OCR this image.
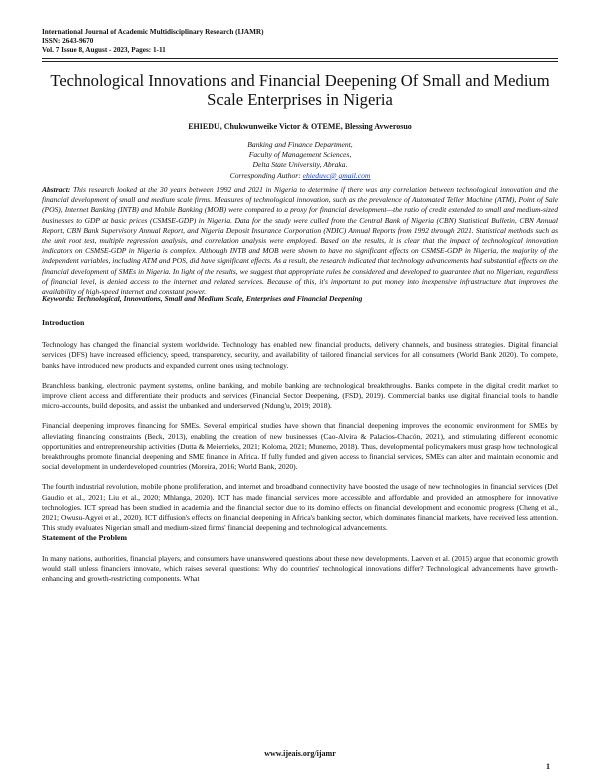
International Journal of Academic Multidisciplinary Research (IJAMR)
ISSN: 2643-9670
Vol. 7 Issue 8, August - 2023, Pages: 1-11
Technological Innovations and Financial Deepening Of Small and Medium Scale Enterprises in Nigeria
EHIEDU, Chukwunweike Victor & OTEME, Blessing Avwerosuo
Banking and Finance Department,
Faculty of Management Sciences,
Delta State University, Abraka.
Corresponding Author: ehieduvc@ gmail.com
Abstract: This research looked at the 30 years between 1992 and 2021 in Nigeria to determine if there was any correlation between technological innovation and the financial development of small and medium scale firms. Measures of technological innovation, such as the prevalence of Automated Teller Machine (ATM), Point of Sale (POS), Internet Banking (INTB) and Mobile Banking (MOB) were compared to a proxy for financial development—the ratio of credit extended to small and medium-sized businesses to GDP at basic prices (CSMSE-GDP) in Nigeria. Data for the study were culled from the Central Bank of Nigeria (CBN) Statistical Bulletin, CBN Annual Report, CBN Bank Supervisory Annual Report, and Nigeria Deposit Insurance Corporation (NDIC) Annual Reports from 1992 through 2021. Statistical methods such as the unit root test, multiple regression analysis, and correlation analysis were employed. Based on the results, it is clear that the impact of technological innovation indicators on CSMSE-GDP in Nigeria is complex. Although INTB and MOB were shown to have no significant effects on CSMSE-GDP in Nigeria, the majority of the independent variables, including ATM and POS, did have significant effects. As a result, the research indicated that technology advancements had substantial effects on the financial development of SMEs in Nigeria. In light of the results, we suggest that appropriate rules be considered and developed to guarantee that no Nigerian, regardless of financial level, is denied access to the internet and related services. Because of this, it's important to put money into inexpensive infrastructure that improves the availability of high-speed internet and constant power.
Keywords: Technological, Innovations, Small and Medium Scale, Enterprises and Financial Deepening
Introduction

Technology has changed the financial system worldwide. Technology has enabled new financial products, delivery channels, and business strategies. Digital financial services (DFS) have increased efficiency, speed, transparency, security, and availability of tailored financial services for all consumers (World Bank 2020). To compete, banks have introduced new products and expanded current ones using technology.

Branchless banking, electronic payment systems, online banking, and mobile banking are technological breakthroughs. Banks compete in the digital credit market to improve client access and differentiate their products and services (Financial Sector Deepening, (FSD), 2019). Commercial banks use digital financial tools to handle micro-accounts, build deposits, and assist the unbanked and underserved (Ndung'u, 2019; 2018).

Financial deepening improves financing for SMEs. Several empirical studies have shown that financial deepening improves the economic environment for SMEs by alleviating financing constraints (Beck, 2013), enabling the creation of new businesses (Cao-Alvira & Palacios-Chacón, 2021), and stimulating different economic opportunities and entrepreneurship activities (Dutta & Meierrieks, 2021; Koloma, 2021; Munemo, 2018). Thus, developmental policymakers must grasp how technological breakthroughs promote financial deepening and SME finance in Africa. If fully funded and given access to financial services, SMEs can alter and maintain economic and social development in underdeveloped countries (Moreira, 2016; World Bank, 2020).

The fourth industrial revolution, mobile phone proliferation, and internet and broadband connectivity have boosted the usage of new technologies in financial services (Del Gaudio et al., 2021; Liu et al., 2020; Mhlanga, 2020). ICT has made financial services more accessible and affordable and provided an atmosphere for innovative technologies. ICT spread has been studied in academia and the financial sector due to its domino effects on financial development and economic progress (Cheng et al., 2021; Owusu-Agyei et al., 2020). ICT diffusion's effects on financial deepening in Africa's banking sector, which dominates financial markets, have received less attention. This study evaluates Nigerian small and medium-sized firms' financial deepening and technological advancements.

Statement of the Problem

In many nations, authorities, financial players, and consumers have unanswered questions about these new developments. Laeven et al. (2015) argue that economic growth would stall unless financiers innovate, which raises several questions: Why do countries' technological innovations differ? Technological advancements have growth-enhancing and growth-restricting components. What

www.ijeais.org/ijamr
1
